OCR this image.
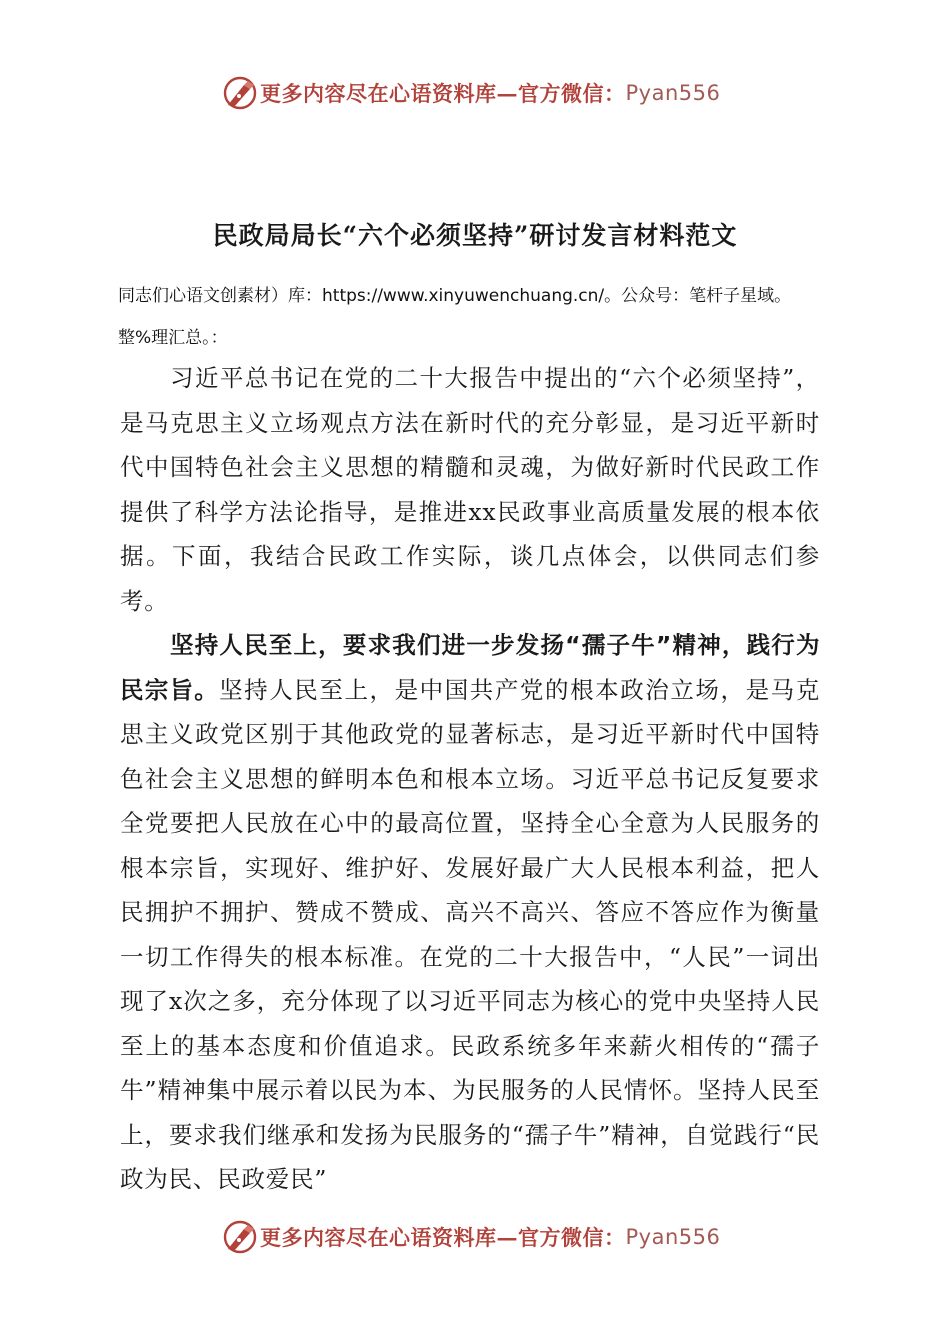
更多内容尽在心语资料库—官方微信： Pyan556
民政局局长“六个必须坚持”研讨发言材料范文
同志们心语文创素材）库：https://www.xinyuwenchuang.cn/。公众号：笔杆子星域。
整%理汇总。：

习近平总书记在党的二十大报告中提出的“六个必须坚持”，是马克思主义立场观点方法在新时代的充分彰显，是习近平新时代中国特色社会主义思想的精髓和灵魂，为做好新时代民政工作提供了科学方法论指导，是推进xx民政事业高质量发展的根本依据。下面，我结合民政工作实际，谈几点体会，以供同志们参考。

坚持人民至上，要求我们进一步发扬“孺子牛”精神，践行为民宗旨。坚持人民至上，是中国共产党的根本政治立场，是马克思主义政党区别于其他政党的显著标志，是习近平新时代中国特色社会主义思想的鲜明本色和根本立场。习近平总书记反复要求全党要把人民放在心中的最高位置，坚持全心全意为人民服务的根本宗旨，实现好、维护好、发展好最广大人民根本利益，把人民拥护不拥护、赞成不赞成、高兴不高兴、答应不答应作为衡量一切工作得失的根本标准。在党的二十大报告中，“人民”一词出现了x次之多，充分体现了以习近平同志为核心的党中央坚持人民至上的基本态度和价值追求。民政系统多年来薪火相传的“孺子牛”精神集中展示着以民为本、为民服务的人民情怀。坚持人民至上，要求我们继承和发扬为民服务的“孺子牛”精神，自觉践行“民政为民、民政爱民”

更多内容尽在心语资料库—官方微信： Pyan556
